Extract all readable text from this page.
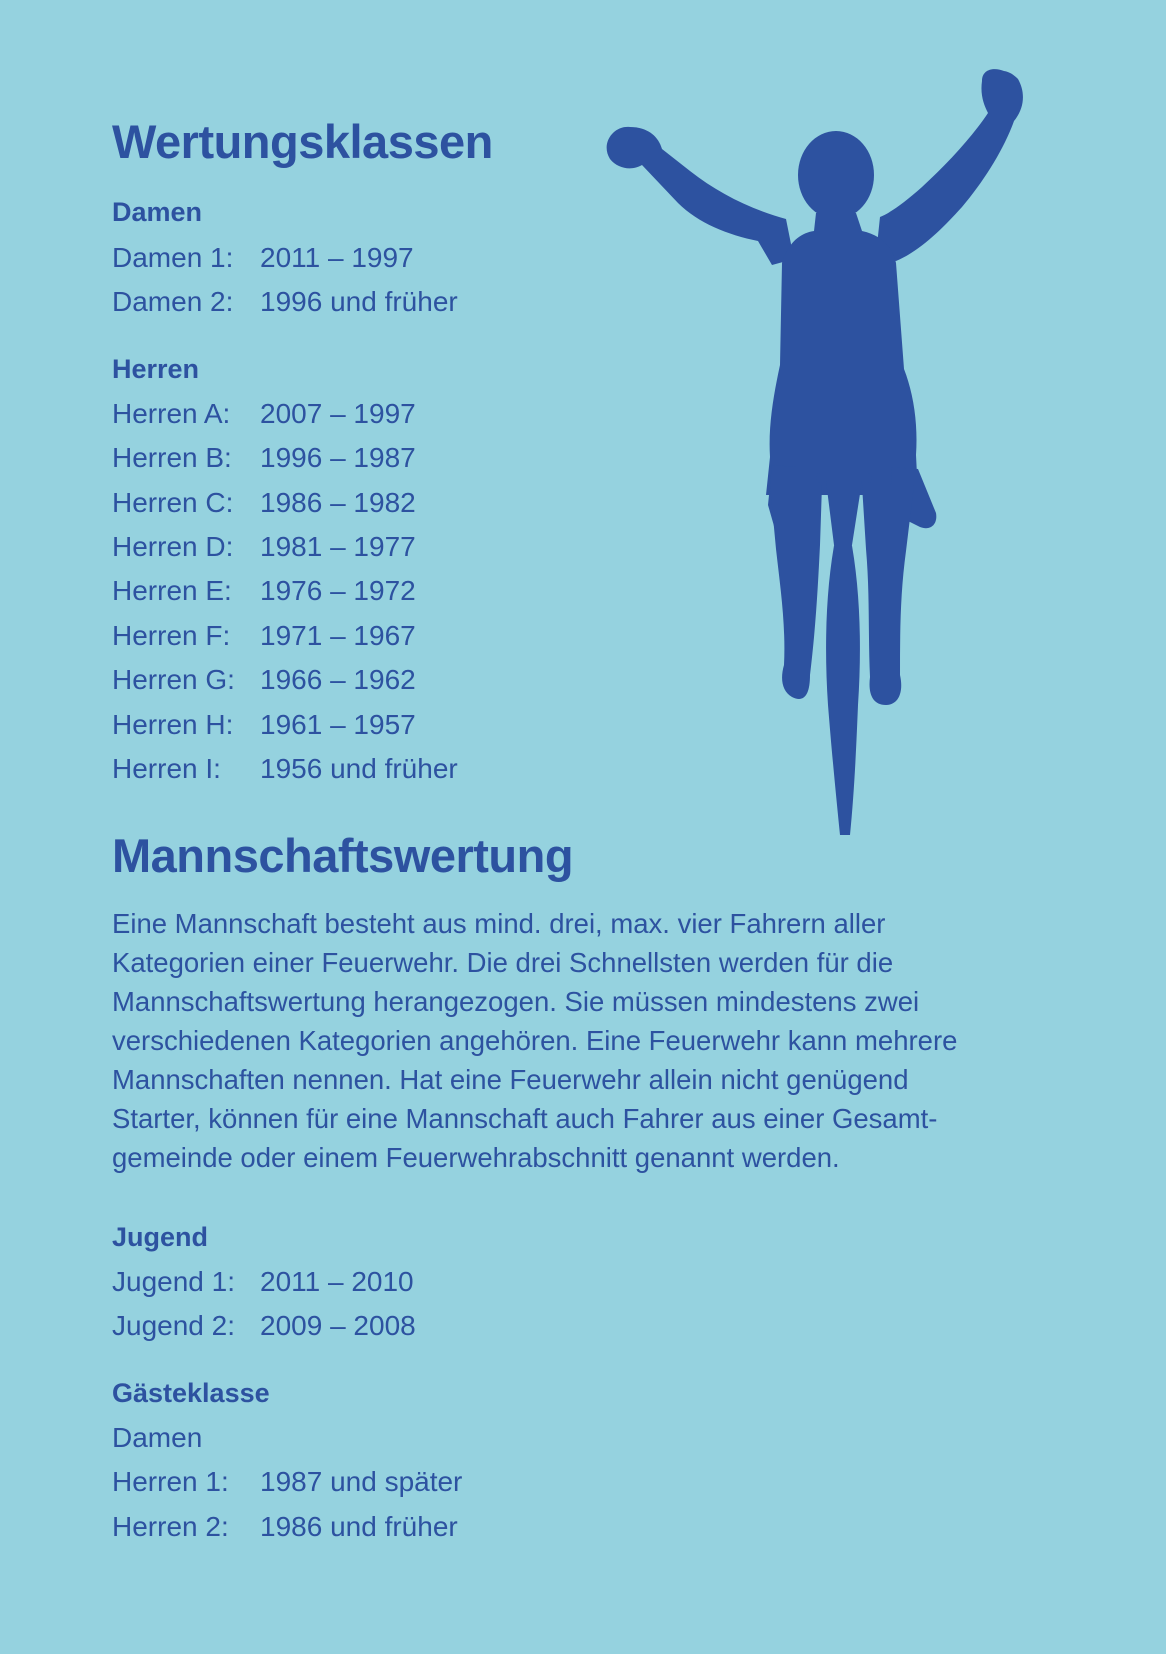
Wertungsklassen
Damen
Damen 1: 2011 – 1997
Damen 2: 1996 und früher
Herren
Herren A: 2007 – 1997
Herren B: 1996 – 1987
Herren C: 1986 – 1982
Herren D: 1981 – 1977
Herren E: 1976 – 1972
Herren F: 1971 – 1967
Herren G: 1966 – 1962
Herren H: 1961 – 1957
Herren I: 1956 und früher
Mannschaftswertung
Eine Mannschaft besteht aus mind. drei, max. vier Fahrern aller
Kategorien einer Feuerwehr. Die drei Schnellsten werden für die
Mannschaftswertung herangezogen. Sie müssen mindestens zwei
verschiedenen Kategorien angehören. Eine Feuerwehr kann mehrere
Mannschaften nennen. Hat eine Feuerwehr allein nicht genügend
Starter, können für eine Mannschaft auch Fahrer aus einer Gesamt-
gemeinde oder einem Feuerwehrabschnitt genannt werden.
Jugend
Jugend 1: 2011 – 2010
Jugend 2: 2009 – 2008
Gästeklasse
Damen
Herren 1: 1987 und später
Herren 2: 1986 und früher
